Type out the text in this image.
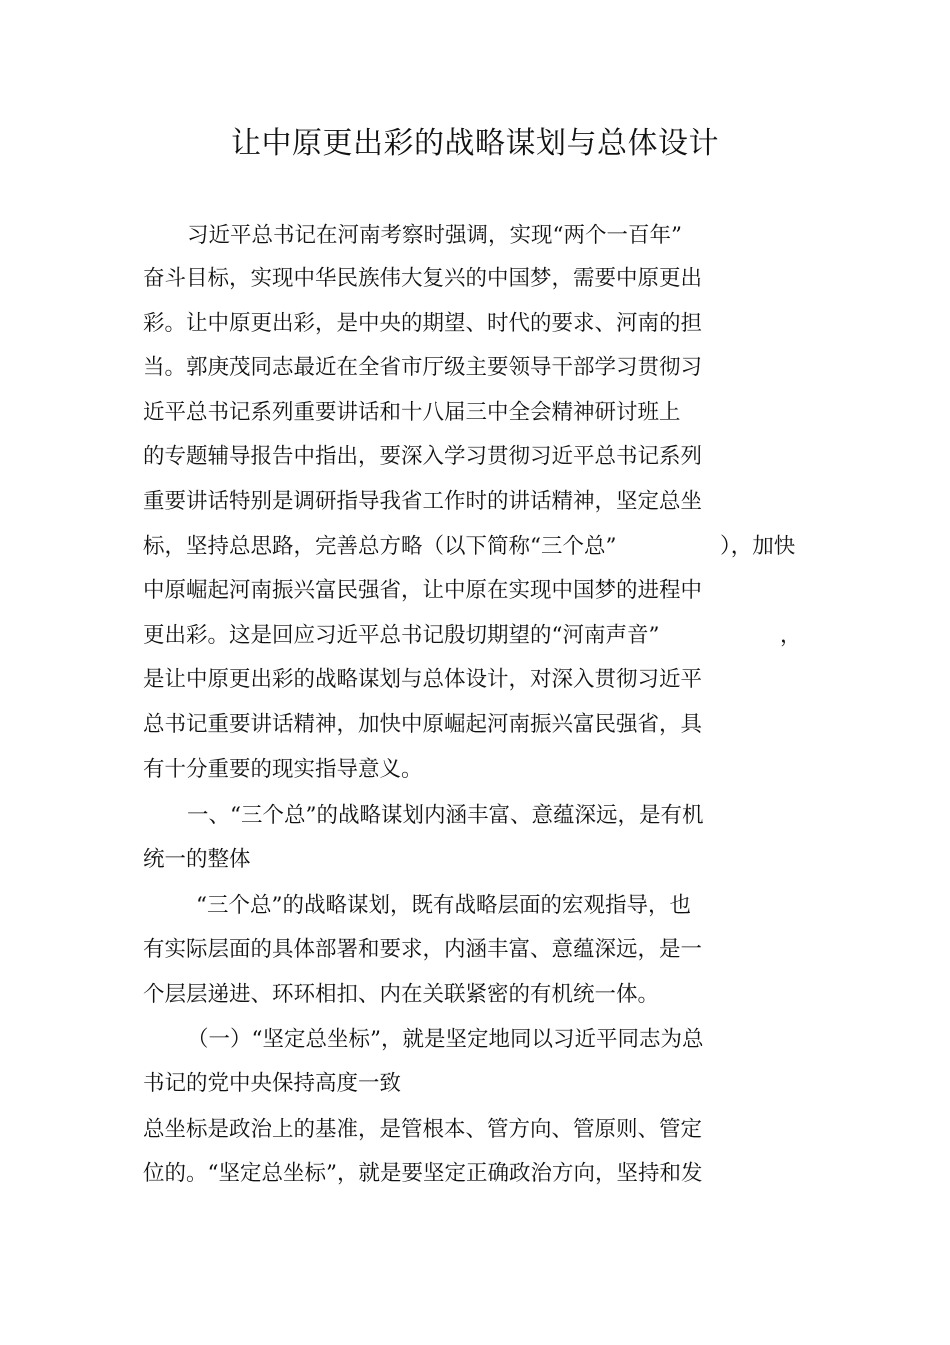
让中原更出彩的战略谋划与总体设计
习近平总书记在河南考察时强调，实现“两个一百年”
奋斗目标，实现中华民族伟大复兴的中国梦，需要中原更出
彩。让中原更出彩，是中央的期望、时代的要求、河南的担
当。郭庚茂同志最近在全省市厅级主要领导干部学习贯彻习
近平总书记系列重要讲话和十八届三中全会精神研讨班上
的专题辅导报告中指出，要深入学习贯彻习近平总书记系列
重要讲话特别是调研指导我省工作时的讲话精神，坚定总坐
标，坚持总思路，完善总方略（以下简称“三个总”	），加快
中原崛起河南振兴富民强省，让中原在实现中国梦的进程中
更出彩。这是回应习近平总书记殷切期望的“河南声音”	，
是让中原更出彩的战略谋划与总体设计，对深入贯彻习近平
总书记重要讲话精神，加快中原崛起河南振兴富民强省，具
有十分重要的现实指导意义。
一、“三个总”的战略谋划内涵丰富、意蕴深远，是有机
统一的整体
“三个总”的战略谋划，既有战略层面的宏观指导，也
有实际层面的具体部署和要求，内涵丰富、意蕴深远，是一
个层层递进、环环相扣、内在关联紧密的有机统一体。
（一）“坚定总坐标”，就是坚定地同以习近平同志为总
书记的党中央保持高度一致
总坐标是政治上的基准，是管根本、管方向、管原则、管定
位的。“坚定总坐标”，就是要坚定正确政治方向，坚持和发
